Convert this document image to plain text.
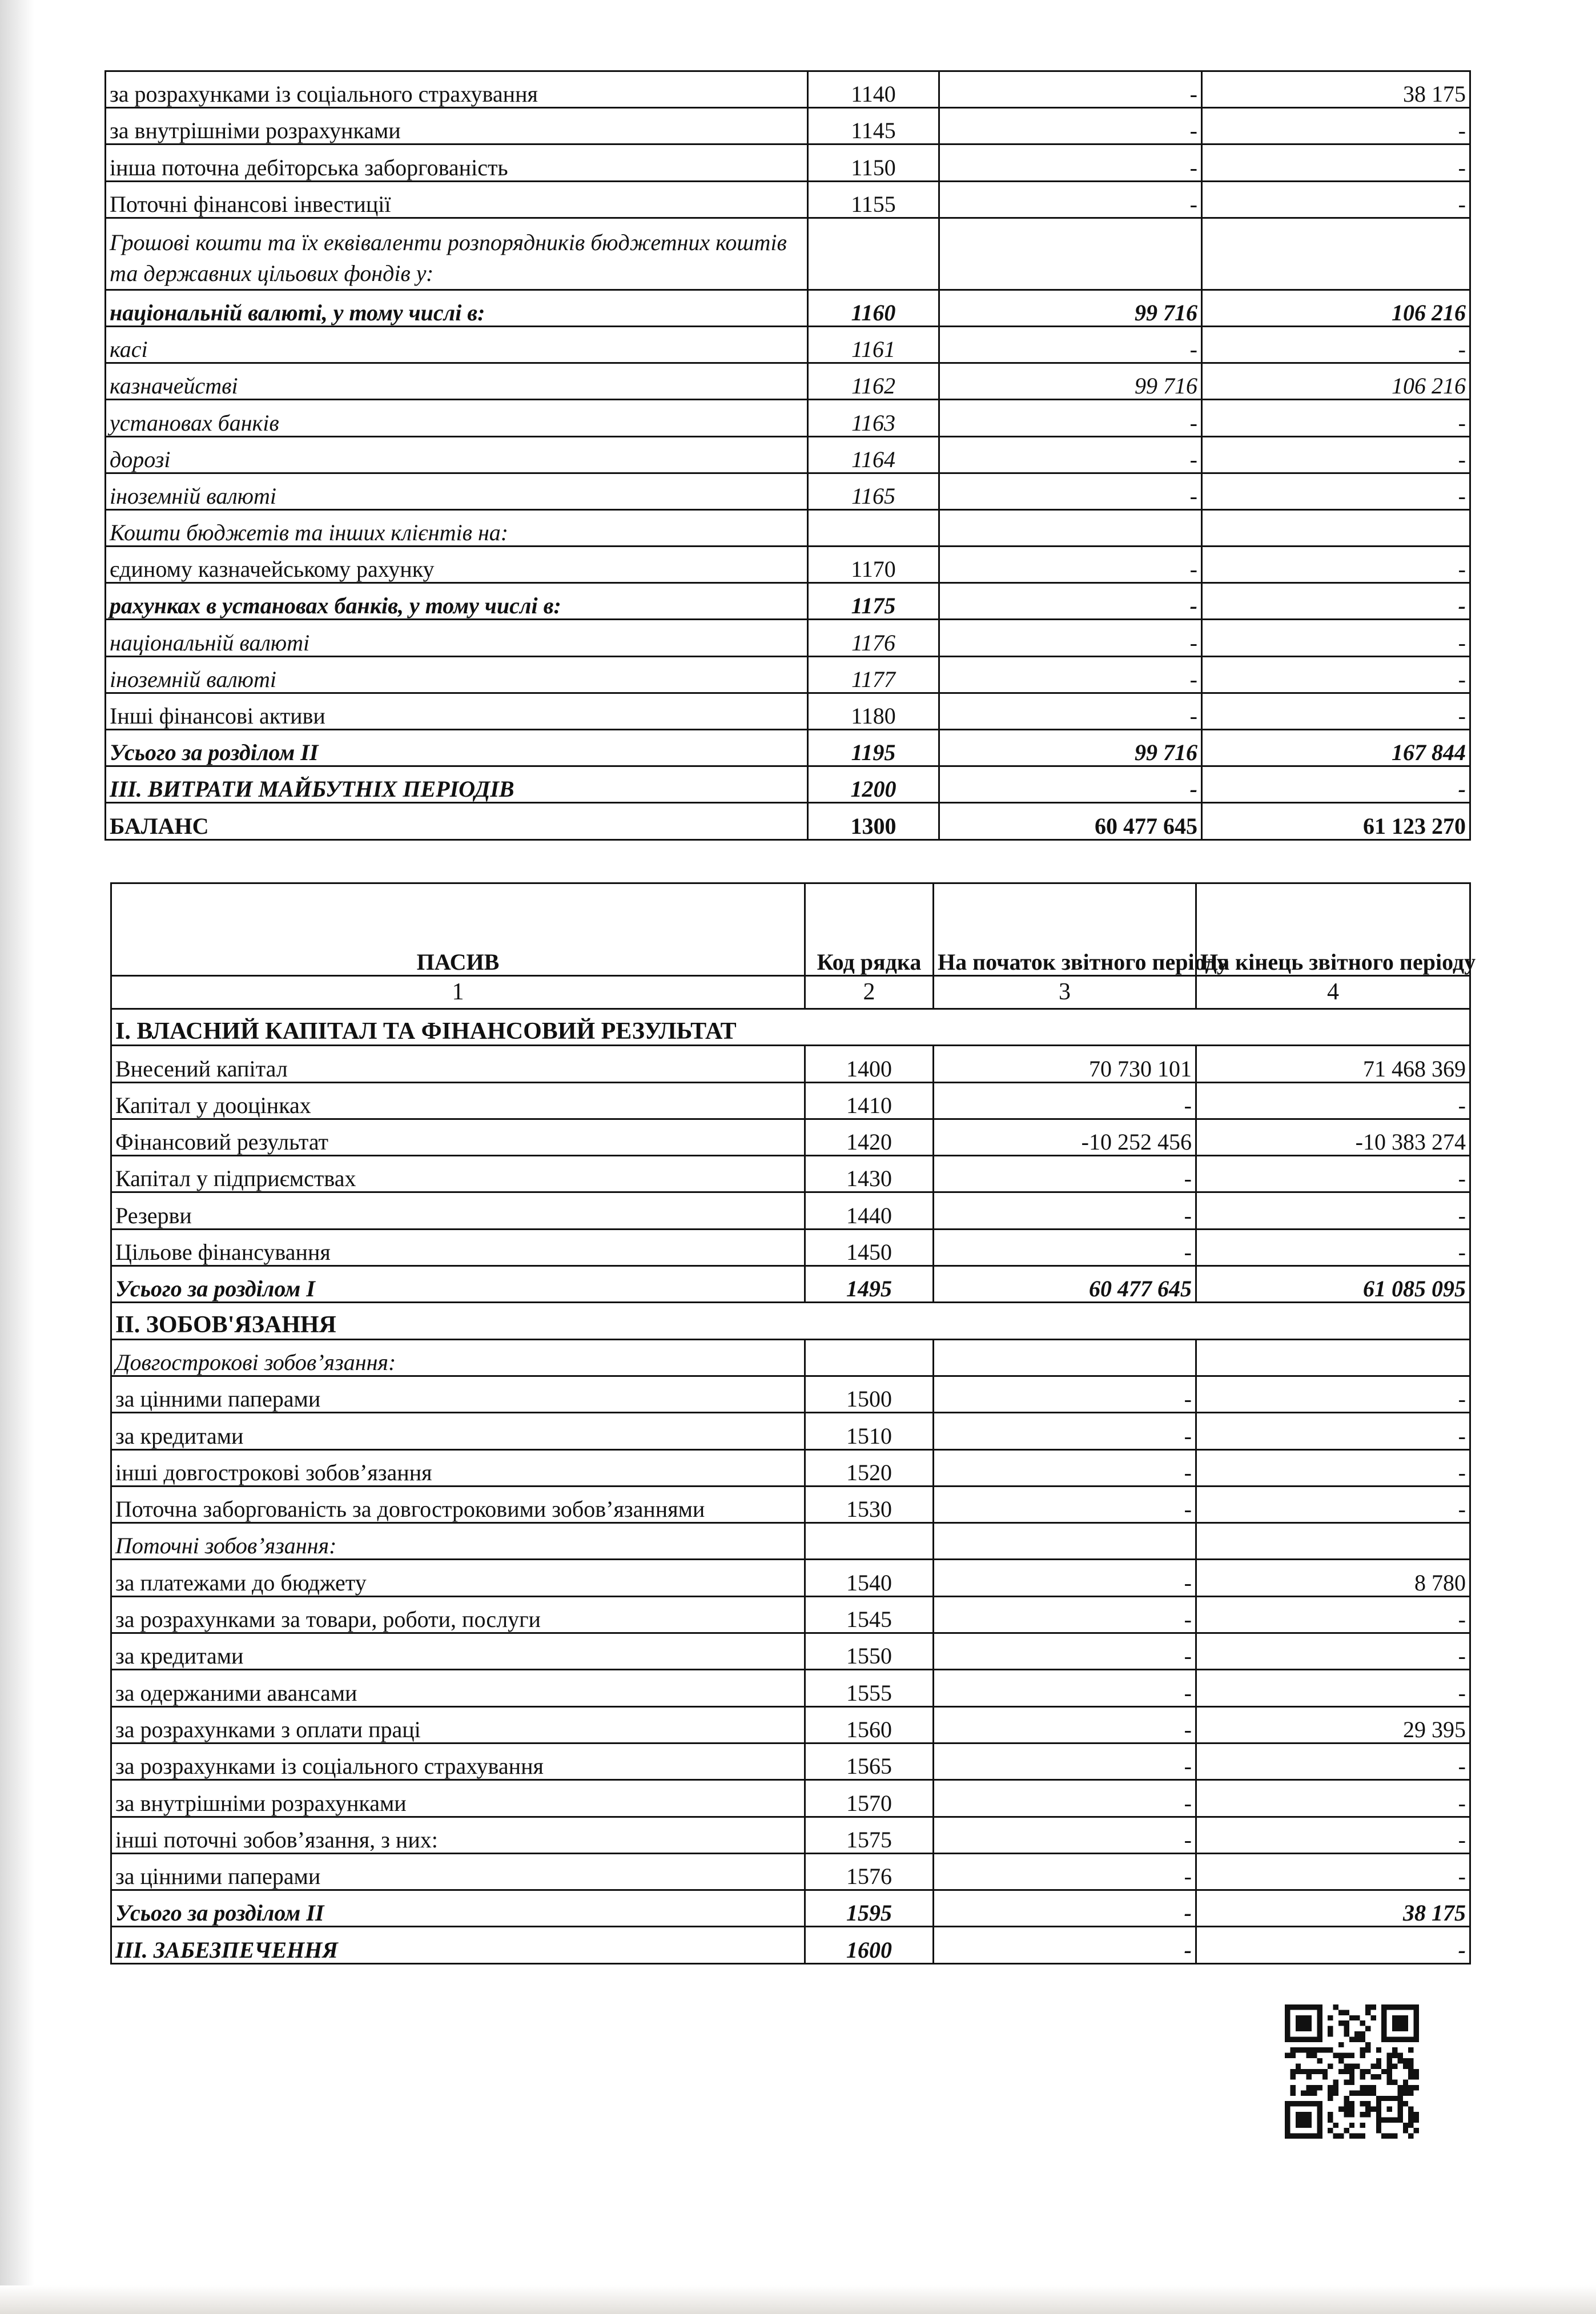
за розрахунками із соціального страхування	1140	-	38 175
за внутрішніми розрахунками	1145	-	-
інша поточна дебіторська заборгованість	1150	-	-
Поточні фінансові інвестиції	1155	-	-
Грошові кошти та їх еквіваленти розпорядників бюджетних коштів та державних цільових фондів у:			
національній валюті, у тому числі в:	1160	99 716	106 216
касі	1161	-	-
казначействі	1162	99 716	106 216
установах банків	1163	-	-
дорозі	1164	-	-
іноземній валюті	1165	-	-
Кошти бюджетів та інших клієнтів на:			
єдиному казначейському рахунку	1170	-	-
рахунках в установах банків, у тому числі в:	1175	-	-
національній валюті	1176	-	-
іноземній валюті	1177	-	-
Інші фінансові активи	1180	-	-
Усього за розділом II	1195	99 716	167 844
III. ВИТРАТИ МАЙБУТНІХ ПЕРІОДІВ	1200	-	-
БАЛАНС	1300	60 477 645	61 123 270
ПАСИВ	Код рядка	На початок звітного періоду	На кінець звітного періоду
1	2	3	4
I. ВЛАСНИЙ КАПІТАЛ ТА ФІНАНСОВИЙ РЕЗУЛЬТАТ			
Внесений капітал	1400	70 730 101	71 468 369
Капітал у дооцінках	1410	-	-
Фінансовий результат	1420	-10 252 456	-10 383 274
Капітал у підприємствах	1430	-	-
Резерви	1440	-	-
Цільове фінансування	1450	-	-
Усього за розділом I	1495	60 477 645	61 085 095
II. ЗОБОВ'ЯЗАННЯ			
Довгострокові зобов’язання:			
за цінними паперами	1500	-	-
за кредитами	1510	-	-
інші довгострокові зобов’язання	1520	-	-
Поточна заборгованість за довгостроковими зобов’язаннями	1530	-	-
Поточні зобов’язання:			
за платежами до бюджету	1540	-	8 780
за розрахунками за товари, роботи, послуги	1545	-	-
за кредитами	1550	-	-
за одержаними авансами	1555	-	-
за розрахунками з оплати праці	1560	-	29 395
за розрахунками із соціального страхування	1565	-	-
за внутрішніми розрахунками	1570	-	-
інші поточні зобов’язання, з них:	1575	-	-
за цінними паперами	1576	-	-
Усього за розділом II	1595	-	38 175
III. ЗАБЕЗПЕЧЕННЯ	1600	-	-
